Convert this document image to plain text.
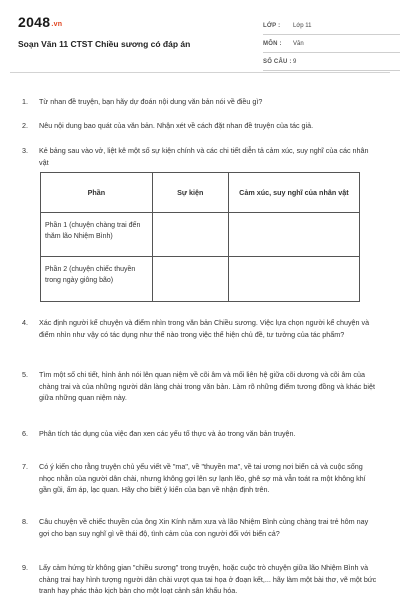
2048.vn
Soạn Văn 11 CTST Chiều sương có đáp án
LỚP : Lớp 11
MÔN : Văn
SỐ CÂU : 9
1. Từ nhan đề truyện, bạn hãy dự đoán nội dung văn bản nói về điều gì?
2. Nêu nội dung bao quát của văn bản. Nhận xét về cách đặt nhan đề truyện của tác giả.
3. Kẻ bảng sau vào vở, liệt kê một số sự kiện chính và các chi tiết diễn tả cảm xúc, suy nghĩ của các nhân vật
Phần	Sự kiện	Cảm xúc, suy nghĩ của nhân vật
Phần 1 (chuyện chàng trai đến thăm lão Nhiệm Bình)		
Phần 2 (chuyện chiếc thuyền trong ngày giông bão)		
4. Xác định người kể chuyện và điểm nhìn trong văn bản Chiều sương. Việc lựa chọn người kể chuyện và điểm nhìn như vậy có tác dụng như thế nào trong việc thể hiện chủ đề, tư tưởng của tác phẩm?
5. Tìm một số chi tiết, hình ảnh nói lên quan niệm về cõi âm và mối liên hệ giữa cõi dương và cõi âm của chàng trai và của những người dân làng chài trong văn bản. Làm rõ những điểm tương đồng và khác biệt giữa những quan niệm này.
6. Phân tích tác dụng của việc đan xen các yếu tố thực và ảo trong văn bản truyện.
7. Có ý kiến cho rằng truyện chủ yếu viết về "ma", về "thuyền ma", về tai ương nơi biển cả và cuộc sống nhọc nhằn của người dân chài, nhưng không gợi lên sự lạnh lẽo, ghê sợ mà vẫn toát ra một không khí gần gũi, ấm áp, lạc quan. Hãy cho biết ý kiến của bạn về nhận định trên.
8. Câu chuyện về chiếc thuyền của ông Xin Kính năm xưa và lão Nhiệm Bình cùng chàng trai trẻ hôm nay gợi cho bạn suy nghĩ gì về thái độ, tình cảm của con người đối với biển cả?
9. Lấy cảm hứng từ không gian "chiều sương" trong truyện, hoặc cuộc trò chuyện giữa lão Nhiệm Bình và chàng trai hay hình tượng người dân chài vượt qua tai họa ở đoạn kết,... hãy làm một bài thơ, vẽ một bức tranh hay phác thảo kịch bản cho một loạt cảnh sân khấu hóa.
